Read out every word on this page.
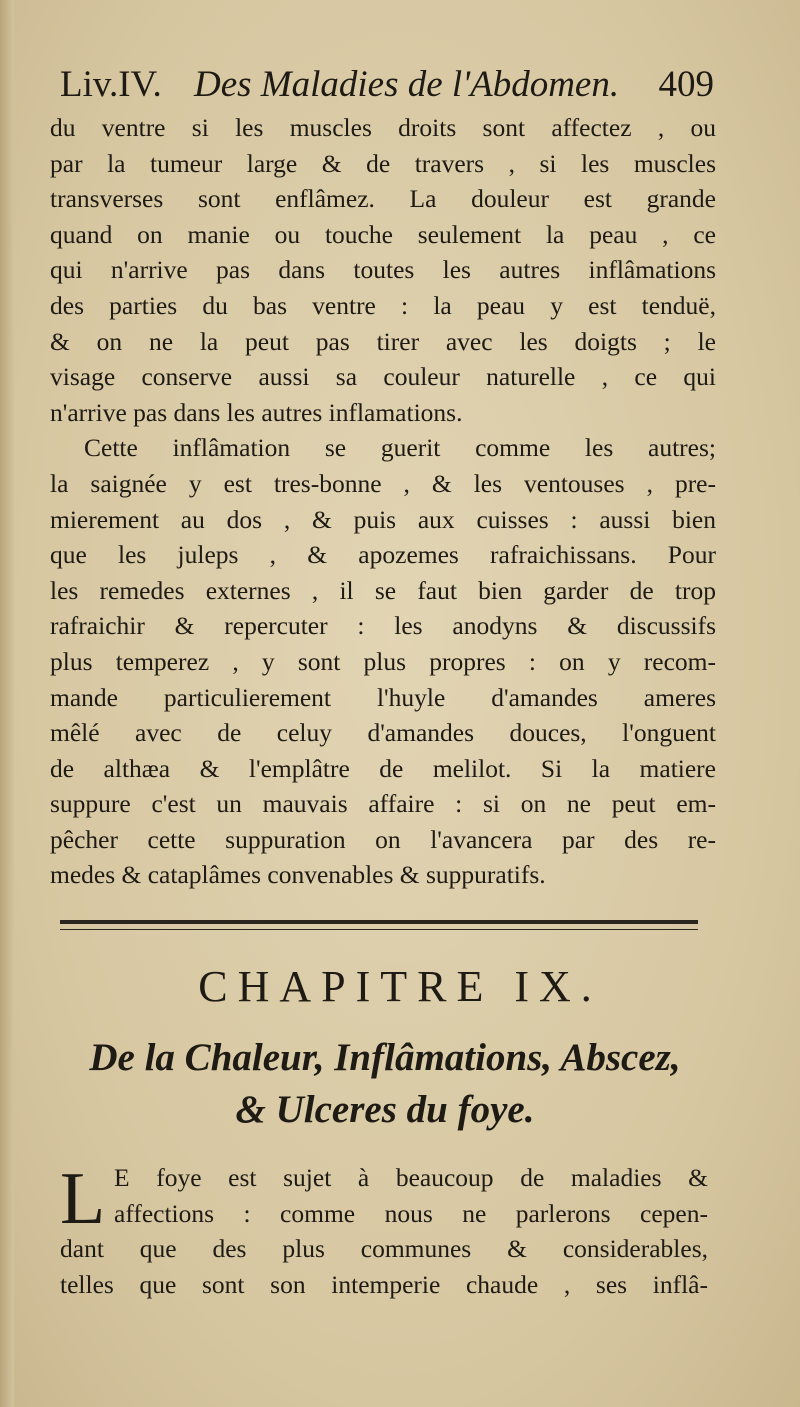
Liv.IV. Des Maladies de l'Abdomen. 409
du ventre si les muscles droits sont affectez , ou
par la tumeur large & de travers , si les muscles
transverses sont enflâmez. La douleur est grande
quand on manie ou touche seulement la peau , ce
qui n'arrive pas dans toutes les autres inflâmations
des parties du bas ventre : la peau y est tenduë,
& on ne la peut pas tirer avec les doigts ; le
visage conserve aussi sa couleur naturelle , ce qui
n'arrive pas dans les autres inflamations.
Cette inflâmation se guerit comme les autres;
la saignée y est tres-bonne , & les ventouses , pre-
mierement au dos , & puis aux cuisses : aussi bien
que les juleps , & apozemes rafraichissans. Pour
les remedes externes , il se faut bien garder de trop
rafraichir & repercuter : les anodyns & discussifs
plus temperez , y sont plus propres : on y recom-
mande particulierement l'huyle d'amandes ameres
mêlé avec de celuy d'amandes douces, l'onguent
de althæa & l'emplâtre de melilot. Si la matiere
suppure c'est un mauvais affaire : si on ne peut em-
pêcher cette suppuration on l'avancera par des re-
medes & cataplâmes convenables & suppuratifs.
CHAPITRE IX.
De la Chaleur, Inflâmations, Abscez,
& Ulceres du foye.
L E foye est sujet à beaucoup de maladies &
affections : comme nous ne parlerons cepen-
dant que des plus communes & considerables,
telles que sont son intemperie chaude , ses inflâ-
